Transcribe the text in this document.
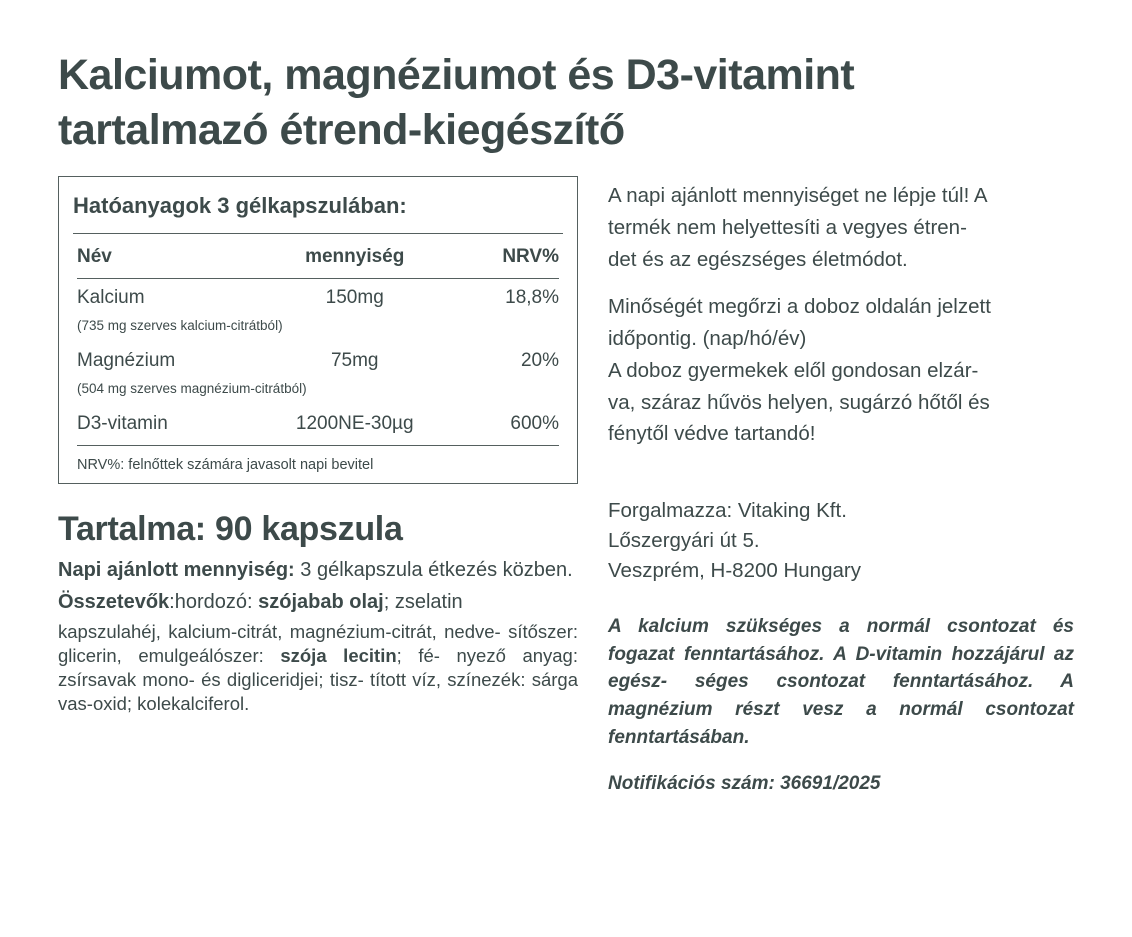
Kalciumot, magnéziumot és D3-vitamint tartalmazó étrend-kiegészítő
Hatóanyagok 3 gélkapszulában:
Név	mennyiség	NRV%
Kalcium	150mg	18,8%

(735 mg szerves kalcium-citrátból)		

Magnézium	75mg	20%

(504 mg szerves magnézium-citrátból)		

D3-vitamin	1200NE-30µg	600%
NRV%: felnőttek számára javasolt napi bevitel
Tartalma: 90 kapszula
Napi ajánlott mennyiség: 3 gélkapszula étkezés közben.
Összetevők:hordozó: szójabab olaj; zselatin
kapszulahéj, kalcium-citrát, magnézium-citrát, nedve- sítőszer: glicerin, emulgeálószer: szója lecitin; fé- nyező anyag: zsírsavak mono- és digliceridjei; tisz- tított víz, színezék: sárga vas-oxid; kolekalciferol.
A napi ajánlott mennyiséget ne lépje túl! A
termék nem helyettesíti a vegyes étren-
det és az egészséges életmódot.
Minőségét megőrzi a doboz oldalán jelzett
időpontig. (nap/hó/év)
A doboz gyermekek elől gondosan elzár-
va, száraz hűvös helyen, sugárzó hőtől és
fénytől védve tartandó!
Forgalmazza: Vitaking Kft.
Lőszergyári út 5.
Veszprém, H-8200 Hungary
A kalcium szükséges a normál csontozat és fogazat fenntartásához. A D-vitamin hozzájárul az egész- séges csontozat fenntartásához. A magnézium részt vesz a normál csontozat fenntartásában.
Notifikációs szám: 36691/2025
